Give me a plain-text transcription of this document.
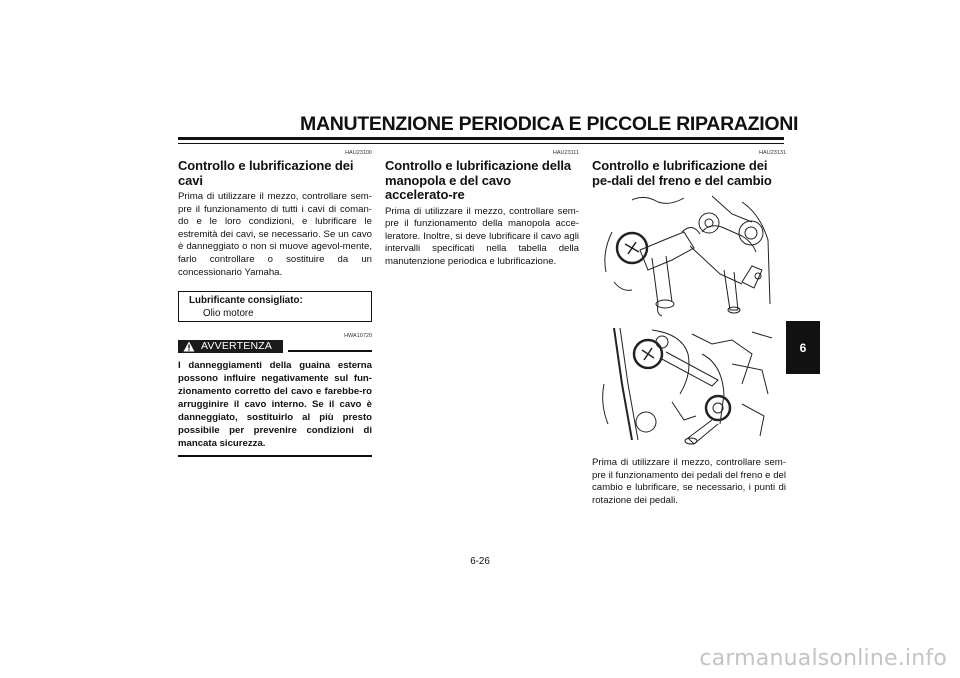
MANUTENZIONE PERIODICA E PICCOLE RIPARAZIONI
HAU23100
Controllo e lubrificazione dei cavi

Prima di utilizzare il mezzo, controllare sem-pre il funzionamento di tutti i cavi di coman-do e le loro condizioni, e lubrificare le estremità dei cavi, se necessario. Se un cavo è danneggiato o non si muove agevol-mente, farlo controllare o sostituire da un concessionario Yamaha.

Lubrificante consigliato:
Olio motore
HWA10720
AVVERTENZA

I danneggiamenti della guaina esterna possono influire negativamente sul fun-zionamento corretto del cavo e farebbe-ro arrugginire il cavo interno. Se il cavo è danneggiato, sostituirlo al più presto possibile per prevenire condizioni di mancata sicurezza.

HAU23111
Controllo e lubrificazione della manopola e del cavo accelerato-re

Prima di utilizzare il mezzo, controllare sem-pre il funzionamento della manopola acce-leratore. Inoltre, si deve lubrificare il cavo agli intervalli specificati nella tabella della manutenzione periodica e lubrificazione.

HAU23131
Controllo e lubrificazione dei pe-dali del freno e del cambio

Prima di utilizzare il mezzo, controllare sem-pre il funzionamento dei pedali del freno e del cambio e lubrificare, se necessario, i punti di rotazione dei pedali.

6
6-26
carmanualsonline.info
